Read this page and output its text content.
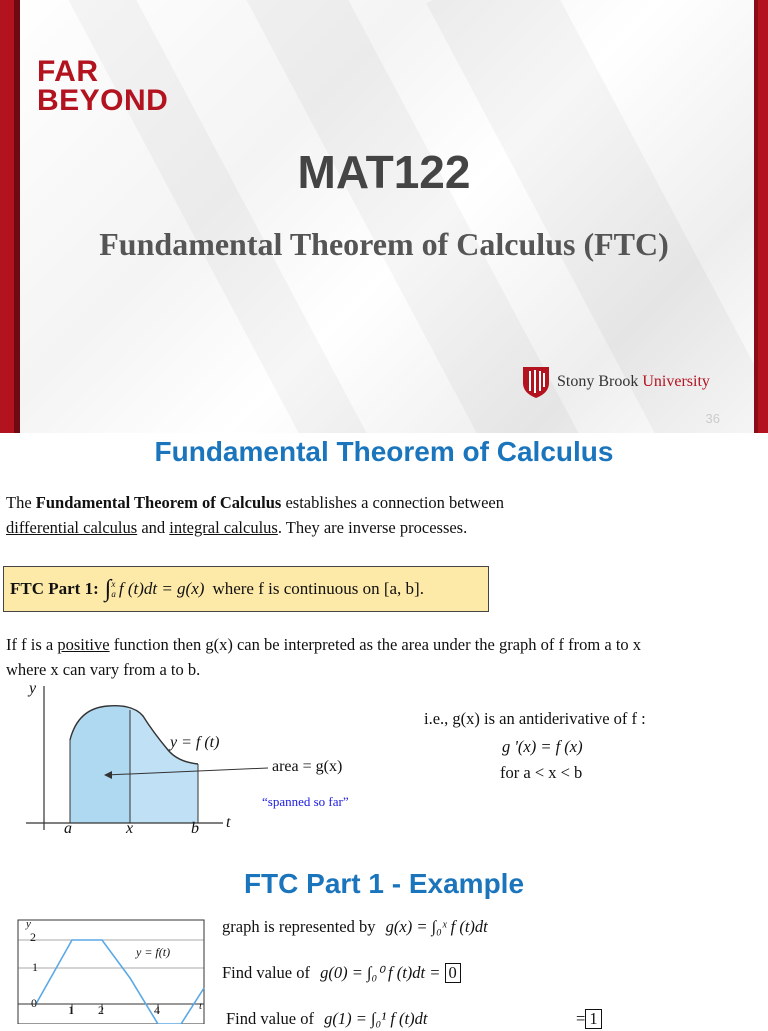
FAR
BEYOND
MAT122
Fundamental Theorem of Calculus (FTC)
Stony Brook University
36
Fundamental Theorem of Calculus
The Fundamental Theorem of Calculus establishes a connection between
differential calculus and integral calculus. They are inverse processes.
FTC Part 1: ∫ x
a f (t)dt = g(x) where f is continuous on [a, b].
If f is a positive function then g(x) can be interpreted as the area under the graph of f from a to x
where x can vary from a to b.
y
t
a	x	b
y = f (t)
area = g(x)
“spanned so far”
i.e., g(x) is an antiderivative of f :
g '(x) = f (x)
for a < x < b
FTC Part 1 - Example
y = f(t)
2
1
0	1 2	4
y
t
graph is represented by g(x) = ∫₀ˣ f (t)dt
Find value of g(0) = ∫₀⁰ f (t)dt = 0
Find value of g(1) = ∫₀¹ f (t)dt	= 1
